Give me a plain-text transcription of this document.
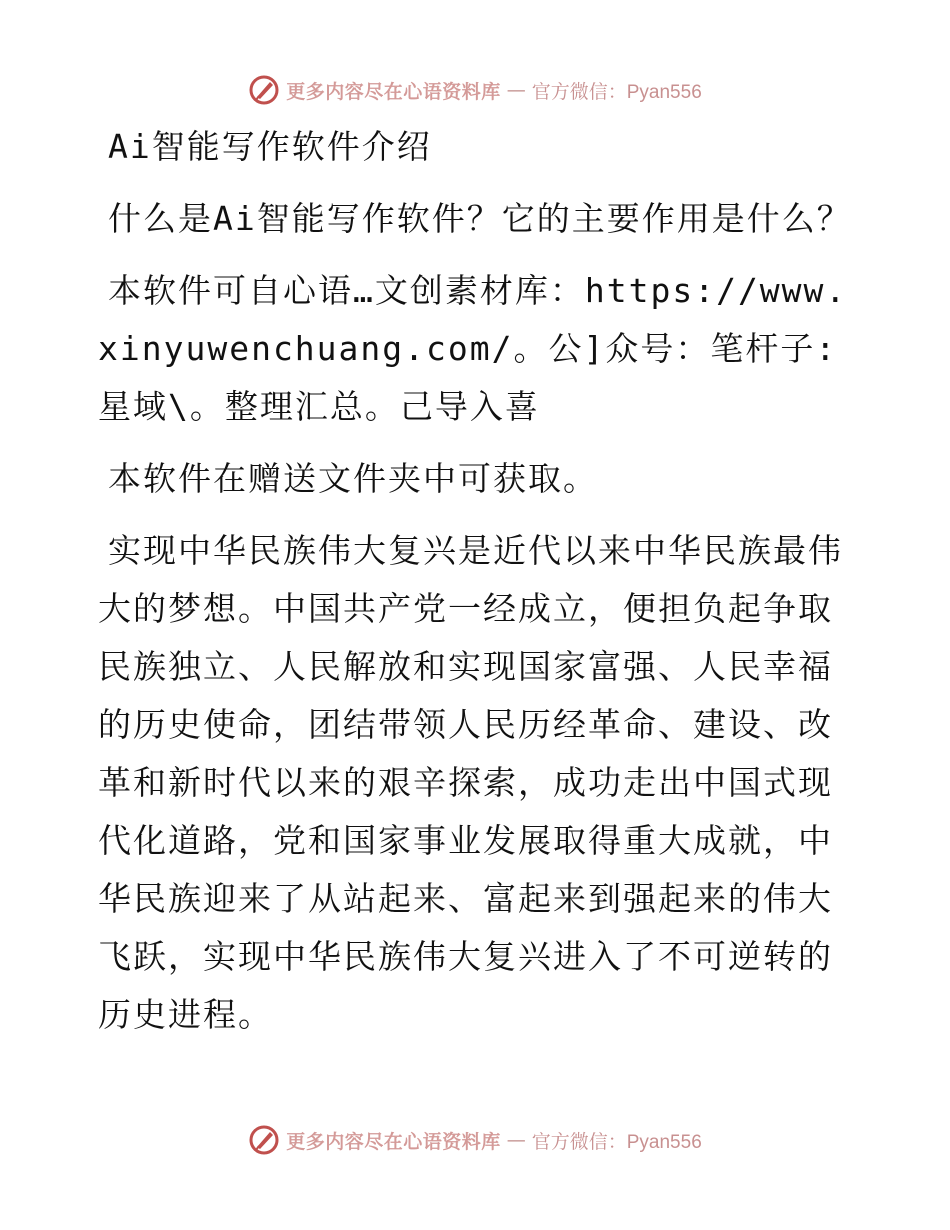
更多内容尽在心语资料库 — 官方微信：Pyan556

Ai智能写作软件介绍

什么是Ai智能写作软件？它的主要作用是什么？

本软件可自心语…文创素材库：https://www.xinyuwenchuang.com/。公]众号：笔杆子:星域\。整理汇总。己导入喜

本软件在赠送文件夹中可获取。

实现中华民族伟大复兴是近代以来中华民族最伟大的梦想。中国共产党一经成立，便担负起争取民族独立、人民解放和实现国家富强、人民幸福的历史使命，团结带领人民历经革命、建设、改革和新时代以来的艰辛探索，成功走出中国式现代化道路，党和国家事业发展取得重大成就，中华民族迎来了从站起来、富起来到强起来的伟大飞跃，实现中华民族伟大复兴进入了不可逆转的历史进程。

更多内容尽在心语资料库 — 官方微信：Pyan556
